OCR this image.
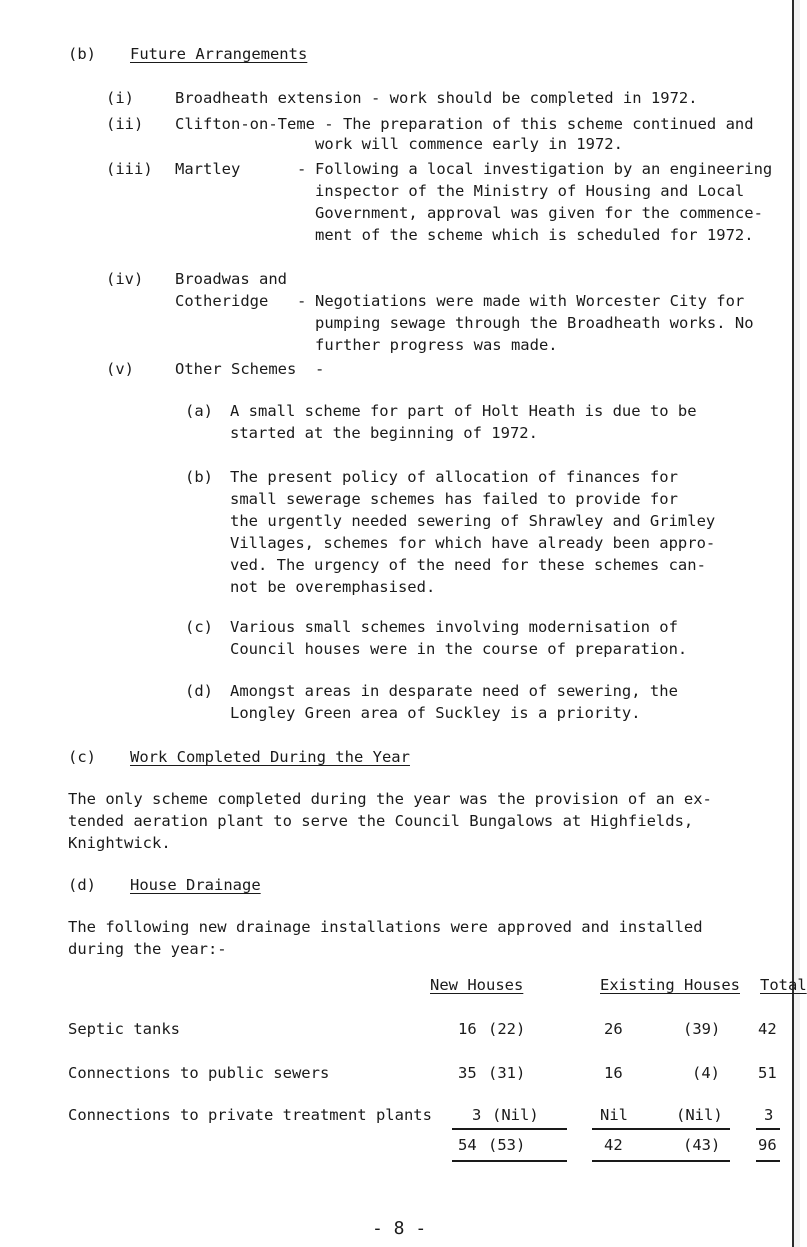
(b) Future Arrangements
(i)	Broadheath extension - work should be completed in 1972.
(ii) Clifton-on-Teme - The preparation of this scheme continued and
work will commence early in 1972.
(iii) Martley	- Following a local investigation by an engineering
inspector of the Ministry of Housing and Local
Government, approval was given for the commence-
ment of the scheme which is scheduled for 1972.
(iv) Broadwas and
Cotheridge - Negotiations were made with Worcester City for
pumping sewage through the Broadheath works. No
further progress was made.
(v)	Other Schemes -
(a) A small scheme for part of Holt Heath is due to be
started at the beginning of 1972.
(b) The present policy of allocation of finances for
small sewerage schemes has failed to provide for
the urgently needed sewering of Shrawley and Grimley
Villages, schemes for which have already been appro-
ved. The urgency of the need for these schemes can-
not be overemphasised.
(c) Various small schemes involving modernisation of
Council houses were in the course of preparation.
(d) Amongst areas in desparate need of sewering, the
Longley Green area of Suckley is a priority.
(c) Work Completed During the Year
The only scheme completed during the year was the provision of an ex-
tended aeration plant to serve the Council Bungalows at Highfields,
Knightwick.
(d) House Drainage
The following new drainage installations were approved and installed
during the year:-
New Houses	Existing Houses Total
Septic tanks	16 (22)	26	(39) 42
Connections to public sewers	35 (31)	16	(4) 51
Connections to private treatment plants	3 (Nil)	Nil	(Nil)	3
54 (53)	42	(43) 96
- 8 -
